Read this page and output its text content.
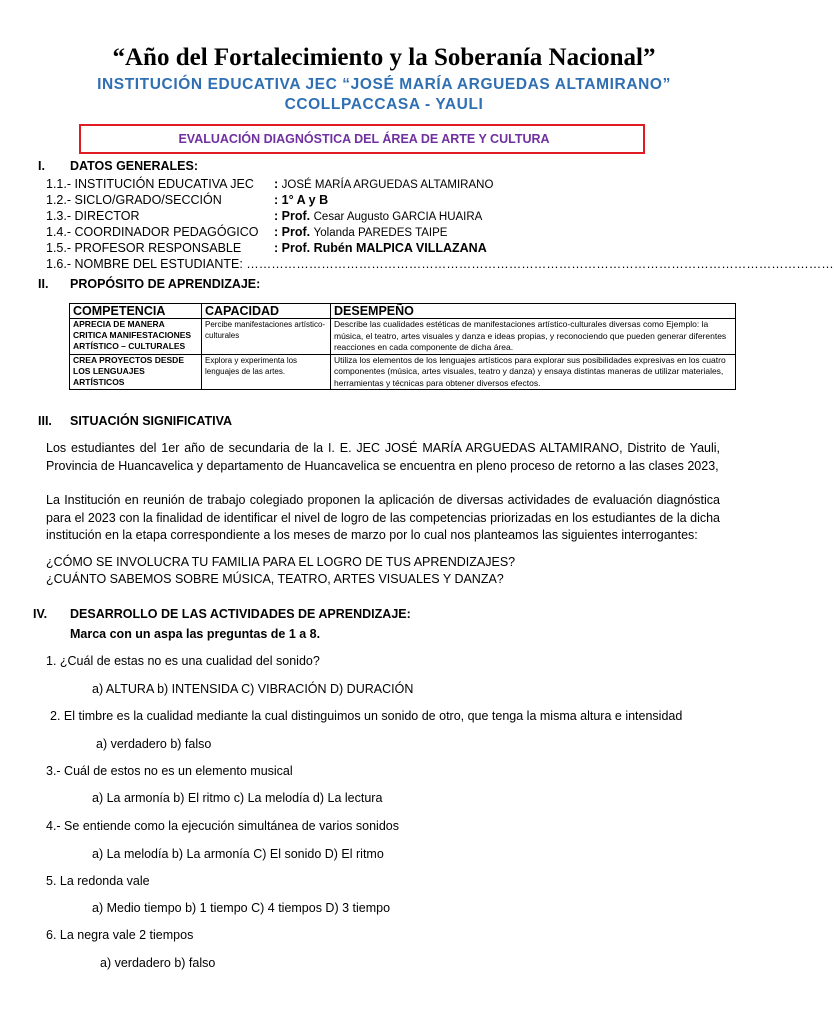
“Año del Fortalecimiento y la Soberanía Nacional”
INSTITUCIÓN EDUCATIVA JEC “JOSÉ MARÍA ARGUEDAS ALTAMIRANO”
CCOLLPACCASA - YAULI
EVALUACIÓN DIAGNÓSTICA DEL ÁREA DE ARTE Y CULTURA
I. DATOS GENERALES:
1.1.- INSTITUCIÓN EDUCATIVA JEC : JOSÉ MARÍA ARGUEDAS ALTAMIRANO
1.2.- SICLO/GRADO/SECCIÓN	: 1° A y B
1.3.- DIRECTOR	: Prof. Cesar Augusto GARCIA HUAIRA
1.4.- COORDINADOR PEDAGÓGICO : Prof. Yolanda PAREDES TAIPE
1.5.- PROFESOR RESPONSABLE	: Prof. Rubén MALPICA VILLAZANA
1.6.- NOMBRE DEL ESTUDIANTE: ……………………………………………………………………………………………………………………………
II. PROPÓSITO DE APRENDIZAJE:
COMPETENCIA	CAPACIDAD	DESEMPEÑO
APRECIA DE MANERA CRITICA MANIFESTACIONES ARTÍSTICO – CULTURALES	Percibe manifestaciones artístico-culturales	Describe las cualidades estéticas de manifestaciones artístico-culturales diversas como Ejemplo: la música, el teatro, artes visuales y danza e ideas propias, y reconociendo que pueden generar diferentes reacciones en cada componente de dicha área.
CREA PROYECTOS DESDE LOS LENGUAJES ARTÍSTICOS	Explora y experimenta los lenguajes de las artes.	Utiliza los elementos de los lenguajes artísticos para explorar sus posibilidades expresivas en los cuatro componentes (música, artes visuales, teatro y danza) y ensaya distintas maneras de utilizar materiales, herramientas y técnicas para obtener diversos efectos.
III. SITUACIÓN SIGNIFICATIVA
Los estudiantes del 1er año de secundaria de la I. E. JEC JOSÉ MARÍA ARGUEDAS ALTAMIRANO, Distrito de Yauli, Provincia de Huancavelica y departamento de Huancavelica se encuentra en pleno proceso de retorno a las clases 2023,
La Institución en reunión de trabajo colegiado proponen la aplicación de diversas actividades de evaluación diagnóstica para el 2023 con la finalidad de identificar el nivel de logro de las competencias priorizadas en los estudiantes de la dicha institución en la etapa correspondiente a los meses de marzo por lo cual nos planteamos las siguientes interrogantes:
¿CÓMO SE INVOLUCRA TU FAMILIA PARA EL LOGRO DE TUS APRENDIZAJES?
¿CUÁNTO SABEMOS SOBRE MÚSICA, TEATRO, ARTES VISUALES Y DANZA?
IV. DESARROLLO DE LAS ACTIVIDADES DE APRENDIZAJE:
Marca con un aspa las preguntas de 1 a 8.
1. ¿Cuál de estas no es una cualidad del sonido?
a) ALTURA b) INTENSIDA C) VIBRACIÓN D) DURACIÓN
2. El timbre es la cualidad mediante la cual distinguimos un sonido de otro, que tenga la misma altura e intensidad
a) verdadero b) falso
3.- Cuál de estos no es un elemento musical
a) La armonía b) El ritmo c) La melodía d) La lectura
4.- Se entiende como la ejecución simultánea de varios sonidos
a) La melodía b) La armonía C) El sonido D) El ritmo
5. La redonda vale
a) Medio tiempo b) 1 tiempo C) 4 tiempos D) 3 tiempo
6. La negra vale 2 tiempos
a) verdadero b) falso
